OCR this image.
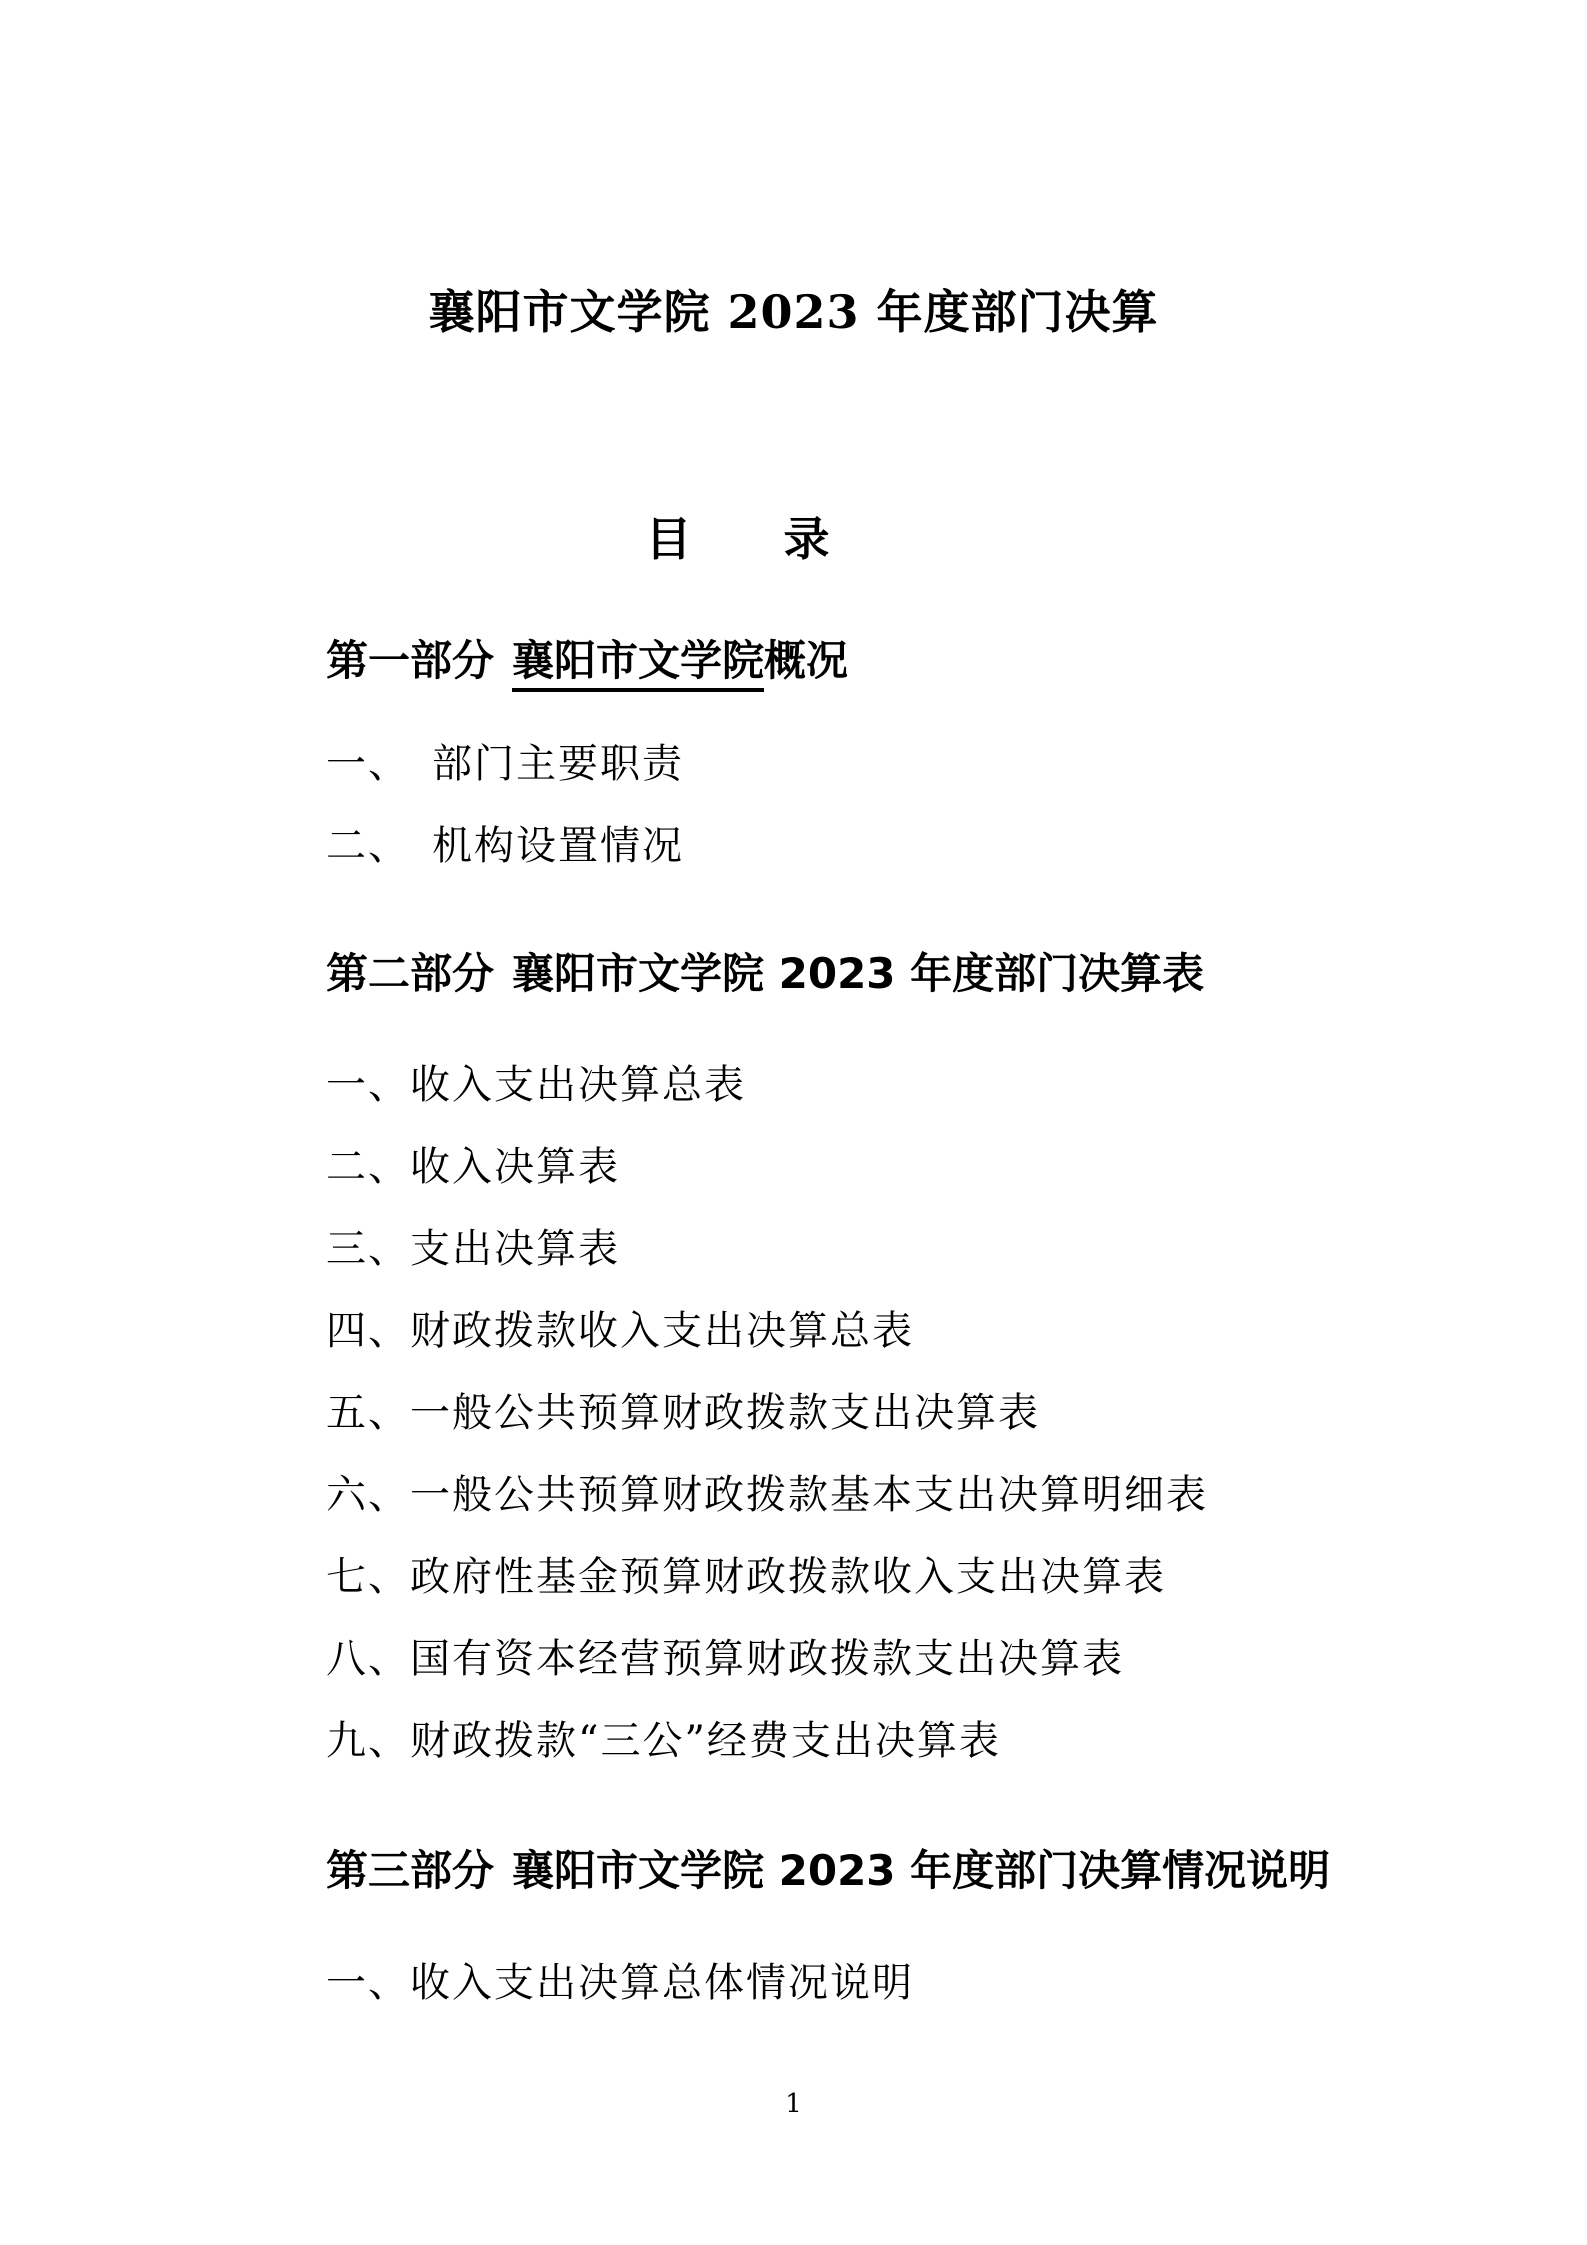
襄阳市文学院 2023 年度部门决算
目　　录
第一部分 襄阳市文学院概况
一、　部门主要职责
二、　机构设置情况
第二部分 襄阳市文学院 2023 年度部门决算表
一、收入支出决算总表
二、收入决算表
三、支出决算表
四、财政拨款收入支出决算总表
五、一般公共预算财政拨款支出决算表
六、一般公共预算财政拨款基本支出决算明细表
七、政府性基金预算财政拨款收入支出决算表
八、国有资本经营预算财政拨款支出决算表
九、财政拨款“三公”经费支出决算表
第三部分 襄阳市文学院 2023 年度部门决算情况说明
一、收入支出决算总体情况说明
1
